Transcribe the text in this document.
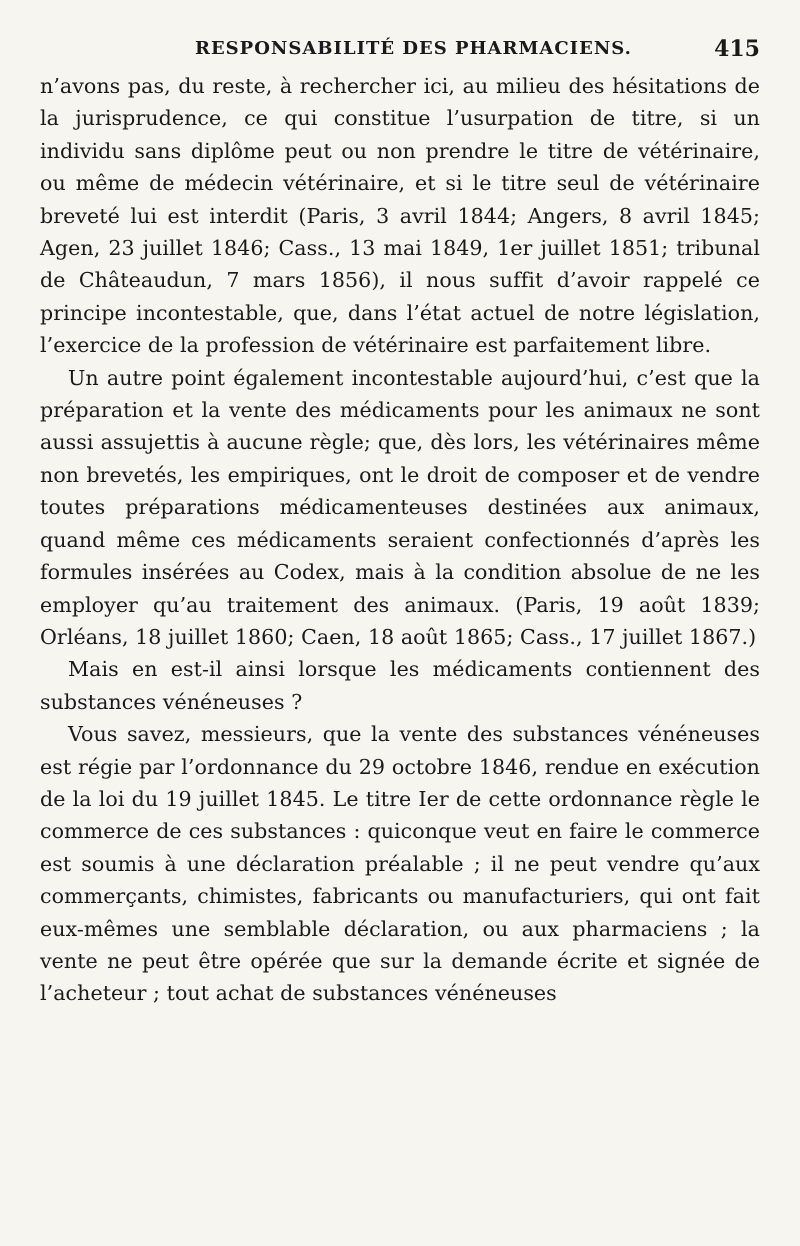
RESPONSABILITÉ DES PHARMACIENS.	415

n’avons pas, du reste, à rechercher ici, au milieu des hésitations de la jurisprudence, ce qui constitue l’usurpation de titre, si un individu sans diplôme peut ou non prendre le titre de vétérinaire, ou même de médecin vétérinaire, et si le titre seul de vétérinaire breveté lui est interdit (Paris, 3 avril 1844; Angers, 8 avril 1845; Agen, 23 juillet 1846; Cass., 13 mai 1849, 1er juillet 1851; tribunal de Châteaudun, 7 mars 1856), il nous suffit d’avoir rappelé ce principe incontestable, que, dans l’état actuel de notre législation, l’exercice de la profession de vétérinaire est parfaitement libre.

Un autre point également incontestable aujourd’hui, c’est que la préparation et la vente des médicaments pour les animaux ne sont aussi assujettis à aucune règle; que, dès lors, les vétérinaires même non brevetés, les empiriques, ont le droit de composer et de vendre toutes préparations médicamenteuses destinées aux animaux, quand même ces médicaments seraient confectionnés d’après les formules insérées au Codex, mais à la condition absolue de ne les employer qu’au traitement des animaux. (Paris, 19 août 1839; Orléans, 18 juillet 1860; Caen, 18 août 1865; Cass., 17 juillet 1867.)

Mais en est-il ainsi lorsque les médicaments contiennent des substances vénéneuses ?

Vous savez, messieurs, que la vente des substances vénéneuses est régie par l’ordonnance du 29 octobre 1846, rendue en exécution de la loi du 19 juillet 1845. Le titre Ier de cette ordonnance règle le commerce de ces substances : quiconque veut en faire le commerce est soumis à une déclaration préalable ; il ne peut vendre qu’aux commerçants, chimistes, fabricants ou manufacturiers, qui ont fait eux-mêmes une semblable déclaration, ou aux pharmaciens ; la vente ne peut être opérée que sur la demande écrite et signée de l’acheteur ; tout achat de substances vénéneuses
